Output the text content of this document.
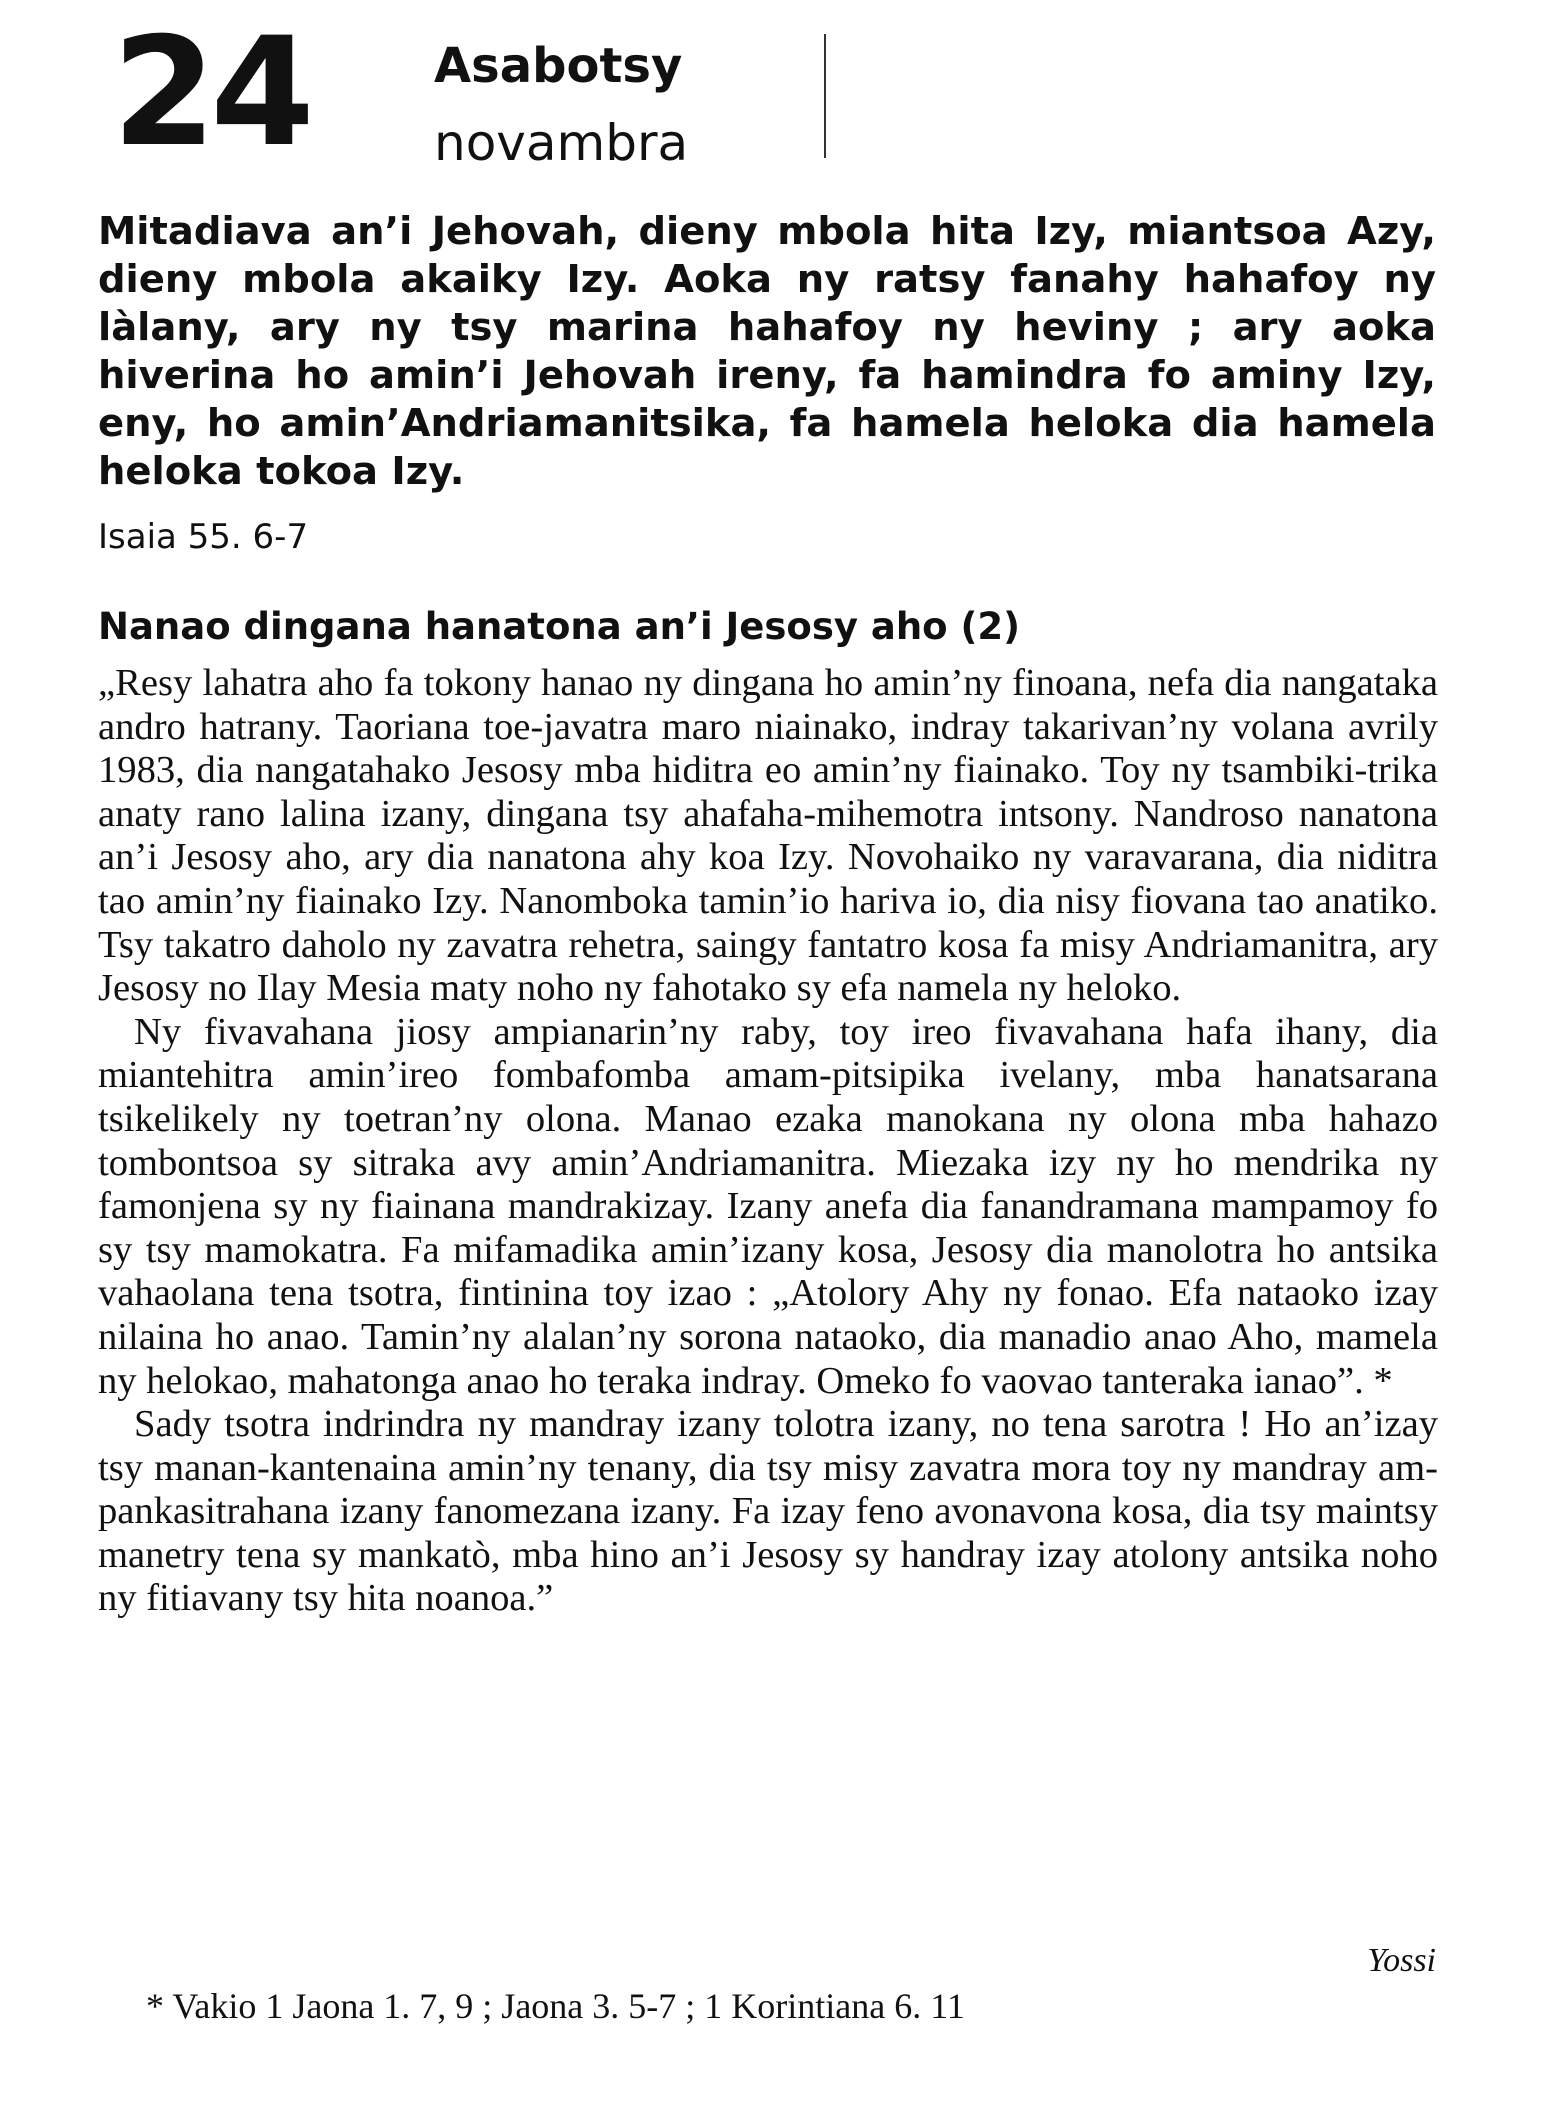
24	Asabotsy
novambra
Mitadiava an’i Jehovah, dieny mbola hita Izy, miantsoa Azy, dieny mbola akaiky Izy. Aoka ny ratsy fanahy hahafoy ny làlany, ary ny tsy marina hahafoy ny heviny ; ary aoka hiverina ho amin’i Jehovah ireny, fa hamindra fo aminy Izy, eny, ho amin’Andriamanitsika, fa hamela heloka dia hamela heloka tokoa Izy.
Isaia 55. 6-7
Nanao dingana hanatona an’i Jesosy aho (2)

„Resy lahatra aho fa tokony hanao ny dingana ho amin’ny finoana, nefa dia nangataka andro hatrany. Taoriana toe-javatra maro niainako, indray takarivan’ny volana avrily 1983, dia nangatahako Jesosy mba hiditra eo amin’ny fiainako. Toy ny tsambiki-trika anaty rano lalina izany, dingana tsy ahafaha-mihemotra intsony. Nandroso nanatona an’i Jesosy aho, ary dia nanatona ahy koa Izy. Novohaiko ny varavarana, dia niditra tao amin’ny fiainako Izy. Nanomboka tamin’io hariva io, dia nisy fiovana tao anatiko. Tsy takatro daholo ny zavatra rehetra, saingy fantatro kosa fa misy Andriamanitra, ary Jesosy no Ilay Mesia maty noho ny fahotako sy efa namela ny heloko.

Ny fivavahana jiosy ampianarin’ny raby, toy ireo fivavahana hafa ihany, dia miantehitra amin’ireo fombafomba amam-pitsipika ivelany, mba hanatsarana tsikelikely ny toetran’ny olona. Manao ezaka manokana ny olona mba hahazo tombontsoa sy sitraka avy amin’Andriamanitra. Miezaka izy ny ho mendrika ny famonjena sy ny fiainana mandrakizay. Izany anefa dia fanandramana mampamoy fo sy tsy mamokatra. Fa mifamadika amin’izany kosa, Jesosy dia manolotra ho antsika vahaolana tena tsotra, fintinina toy izao : „Atolory Ahy ny fonao. Efa nataoko izay nilaina ho anao. Tamin’ny alalan’ny sorona nataoko, dia manadio anao Aho, mamela ny helokao, mahatonga anao ho teraka indray. Omeko fo vaovao tanteraka ianao”. *

Sady tsotra indrindra ny mandray izany tolotra izany, no tena sarotra ! Ho an’izay tsy manan-kantenaina amin’ny tenany, dia tsy misy zavatra mora toy ny mandray am-pankasitrahana izany fanomezana izany. Fa izay feno avonavona kosa, dia tsy maintsy manetry tena sy mankatò, mba hino an’i Jesosy sy handray izay atolony antsika noho ny fitiavany tsy hita noanoa.”

Yossi
* Vakio 1 Jaona 1. 7, 9 ; Jaona 3. 5-7 ; 1 Korintiana 6. 11
